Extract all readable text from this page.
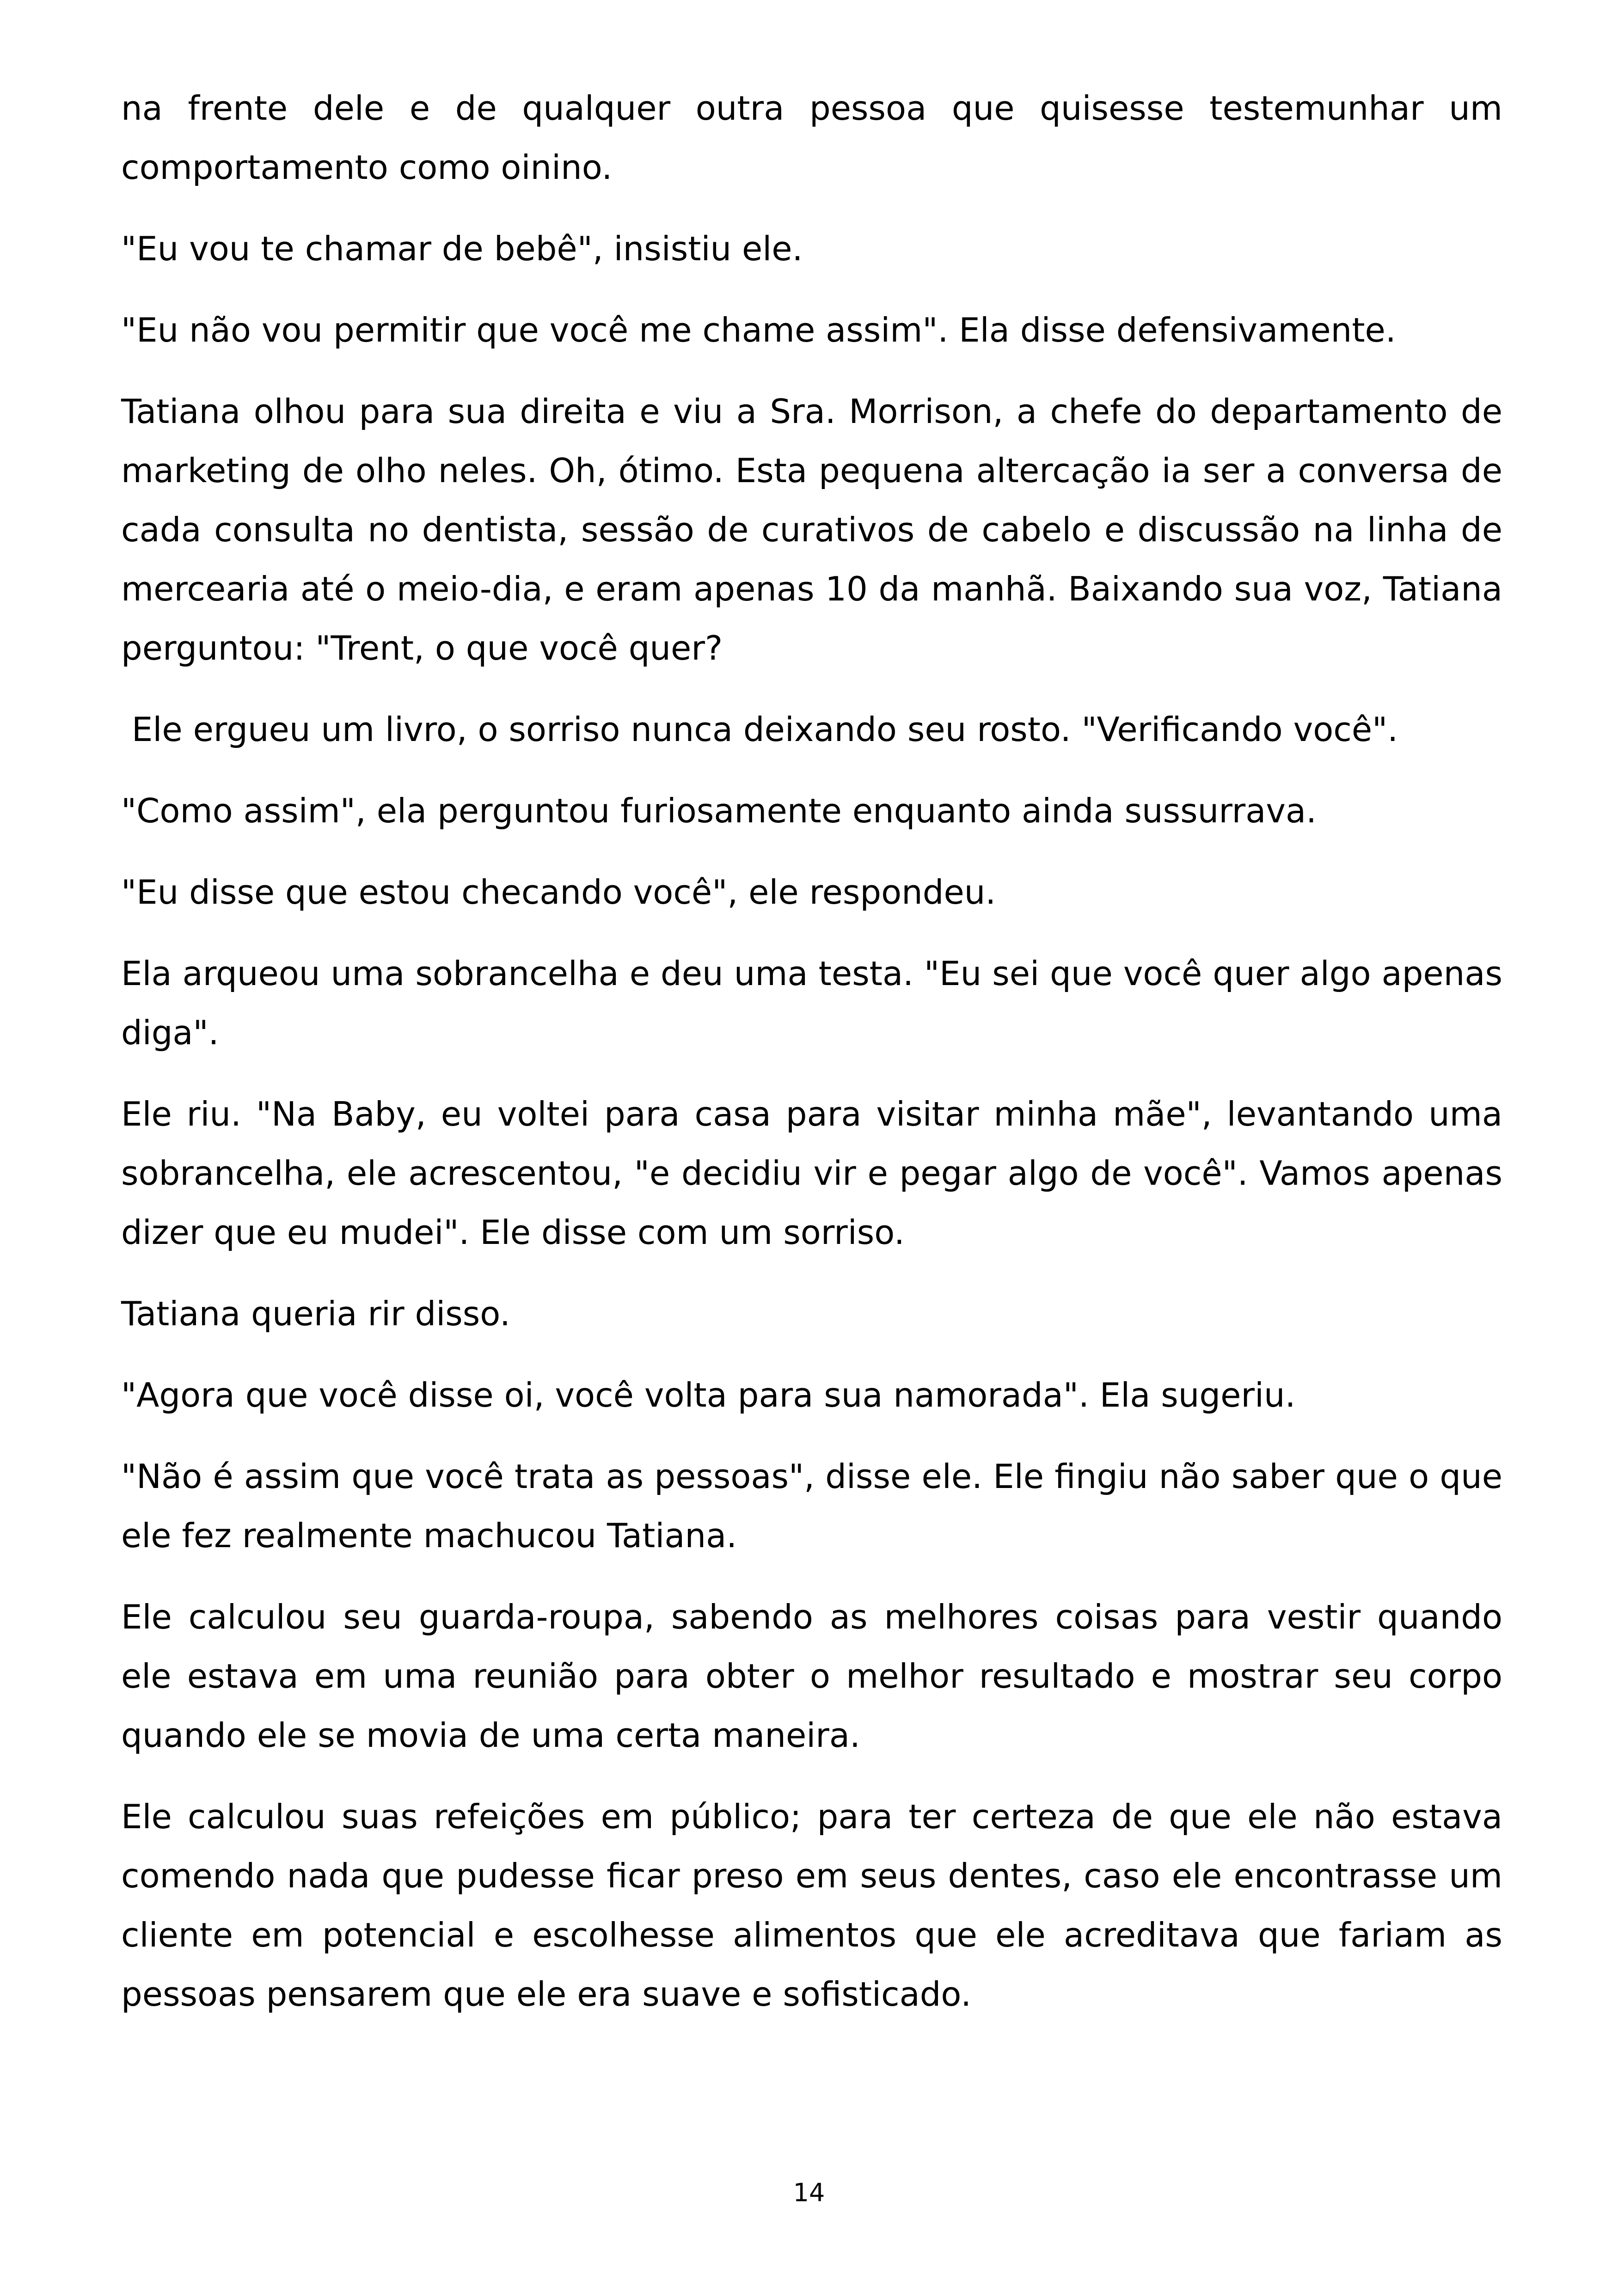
na frente dele e de qualquer outra pessoa que quisesse testemunhar um comportamento como oinino.

"Eu vou te chamar de bebê", insistiu ele.

"Eu não vou permitir que você me chame assim". Ela disse defensivamente.

Tatiana olhou para sua direita e viu a Sra. Morrison, a chefe do departamento de marketing de olho neles. Oh, ótimo. Esta pequena altercação ia ser a conversa de cada consulta no dentista, sessão de curativos de cabelo e discussão na linha de mercearia até o meio-dia, e eram apenas 10 da manhã. Baixando sua voz, Tatiana perguntou: "Trent, o que você quer?

Ele ergueu um livro, o sorriso nunca deixando seu rosto. "Verificando você".

"Como assim", ela perguntou furiosamente enquanto ainda sussurrava.

"Eu disse que estou checando você", ele respondeu.

Ela arqueou uma sobrancelha e deu uma testa. "Eu sei que você quer algo apenas diga".

Ele riu. "Na Baby, eu voltei para casa para visitar minha mãe", levantando uma sobrancelha, ele acrescentou, "e decidiu vir e pegar algo de você". Vamos apenas dizer que eu mudei". Ele disse com um sorriso.

Tatiana queria rir disso.

"Agora que você disse oi, você volta para sua namorada". Ela sugeriu.

"Não é assim que você trata as pessoas", disse ele. Ele fingiu não saber que o que ele fez realmente machucou Tatiana.

Ele calculou seu guarda-roupa, sabendo as melhores coisas para vestir quando ele estava em uma reunião para obter o melhor resultado e mostrar seu corpo quando ele se movia de uma certa maneira.

Ele calculou suas refeições em público; para ter certeza de que ele não estava comendo nada que pudesse ficar preso em seus dentes, caso ele encontrasse um cliente em potencial e escolhesse alimentos que ele acreditava que fariam as pessoas pensarem que ele era suave e sofisticado.

14
